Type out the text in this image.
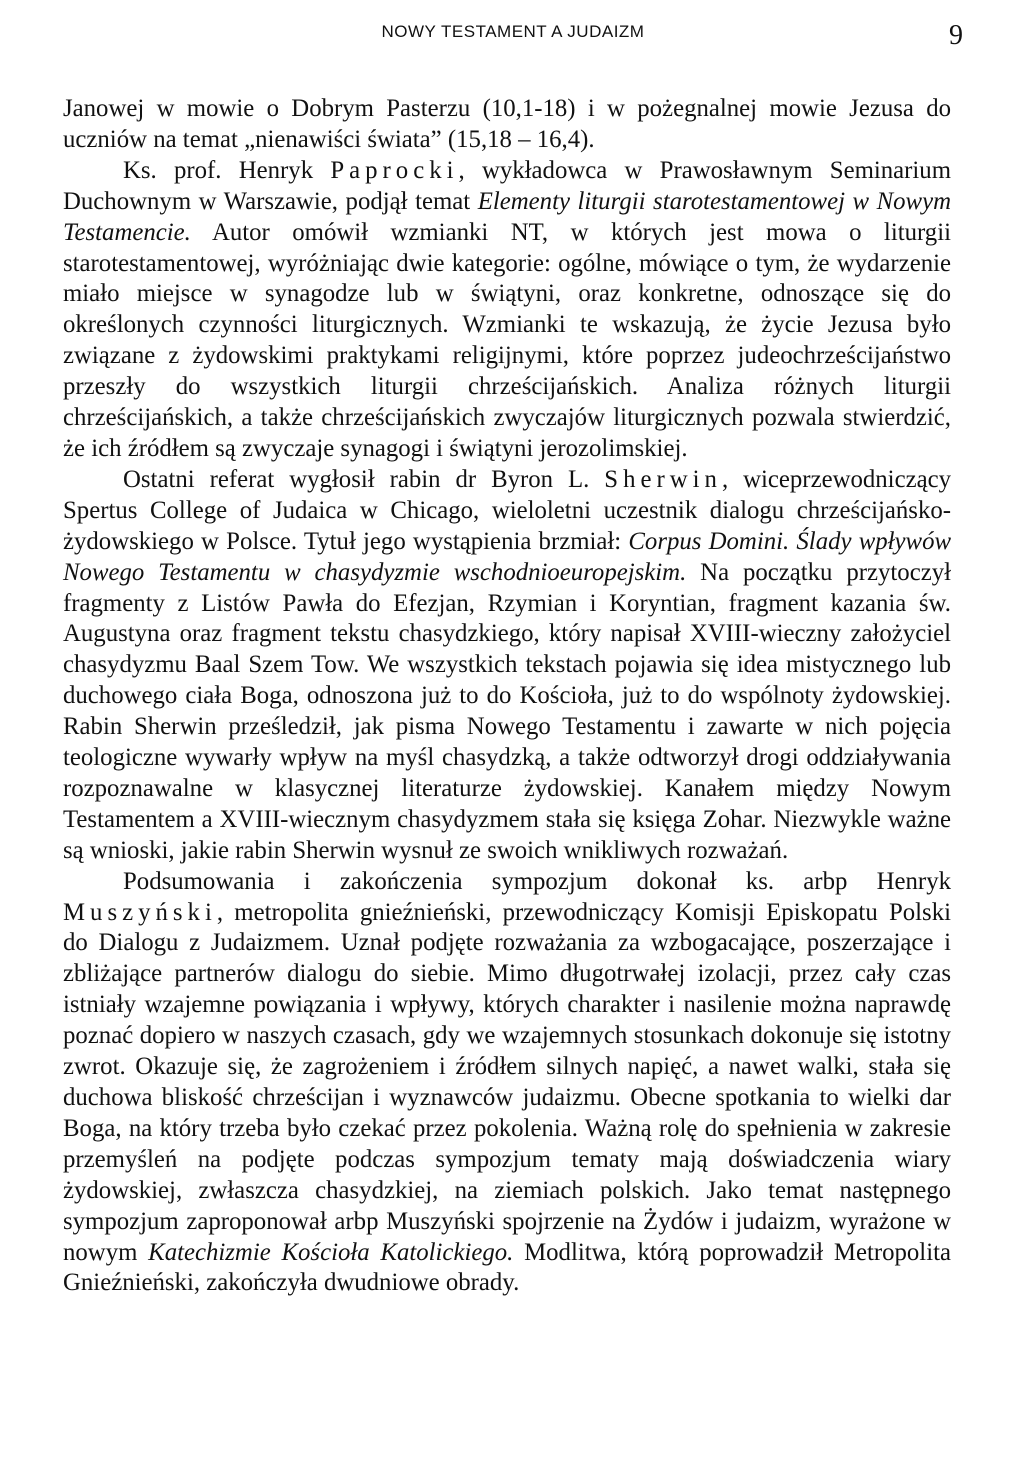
NOWY TESTAMENT A JUDAIZM	9

Janowej w mowie o Dobrym Pasterzu (10,1-18) i w pożegnalnej mowie Jezusa do uczniów na temat „nienawiści świata” (15,18 – 16,4).

Ks. prof. Henryk Paprocki, wykładowca w Prawosławnym Seminarium Duchownym w Warszawie, podjął temat Elementy liturgii starotestamentowej w Nowym Testamencie. Autor omówił wzmianki NT, w których jest mowa o liturgii starotestamentowej, wyróżniając dwie kategorie: ogólne, mówiące o tym, że wydarzenie miało miejsce w synagodze lub w świątyni, oraz konkretne, odnoszące się do określonych czynności liturgicznych. Wzmianki te wskazują, że życie Jezusa było związane z żydowskimi praktykami religijnymi, które poprzez judeochrześcijaństwo przeszły do wszystkich liturgii chrześcijańskich. Analiza różnych liturgii chrześcijańskich, a także chrześcijańskich zwyczajów liturgicznych pozwala stwierdzić, że ich źródłem są zwyczaje synagogi i świątyni jerozolimskiej.

Ostatni referat wygłosił rabin dr Byron L. Sherwin, wiceprzewodniczący Spertus College of Judaica w Chicago, wieloletni uczestnik dialogu chrześcijańsko-żydowskiego w Polsce. Tytuł jego wystąpienia brzmiał: Corpus Domini. Ślady wpływów Nowego Testamentu w chasydyzmie wschodnioeuropejskim. Na początku przytoczył fragmenty z Listów Pawła do Efezjan, Rzymian i Koryntian, fragment kazania św. Augustyna oraz fragment tekstu chasydzkiego, który napisał XVIII-wieczny założyciel chasydyzmu Baal Szem Tow. We wszystkich tekstach pojawia się idea mistycznego lub duchowego ciała Boga, odnoszona już to do Kościoła, już to do wspólnoty żydowskiej. Rabin Sherwin prześledził, jak pisma Nowego Testamentu i zawarte w nich pojęcia teologiczne wywarły wpływ na myśl chasydzką, a także odtworzył drogi oddziaływania rozpoznawalne w klasycznej literaturze żydowskiej. Kanałem między Nowym Testamentem a XVIII-wiecznym chasydyzmem stała się księga Zohar. Niezwykle ważne są wnioski, jakie rabin Sherwin wysnuł ze swoich wnikliwych rozważań.

Podsumowania i zakończenia sympozjum dokonał ks. arbp Henryk Muszyński, metropolita gnieźnieński, przewodniczący Komisji Episkopatu Polski do Dialogu z Judaizmem. Uznał podjęte rozważania za wzbogacające, poszerzające i zbliżające partnerów dialogu do siebie. Mimo długotrwałej izolacji, przez cały czas istniały wzajemne powiązania i wpływy, których charakter i nasilenie można naprawdę poznać dopiero w naszych czasach, gdy we wzajemnych stosunkach dokonuje się istotny zwrot. Okazuje się, że zagrożeniem i źródłem silnych napięć, a nawet walki, stała się duchowa bliskość chrześcijan i wyznawców judaizmu. Obecne spotkania to wielki dar Boga, na który trzeba było czekać przez pokolenia. Ważną rolę do spełnienia w zakresie przemyśleń na podjęte podczas sympozjum tematy mają doświadczenia wiary żydowskiej, zwłaszcza chasydzkiej, na ziemiach polskich. Jako temat następnego sympozjum zaproponował arbp Muszyński spojrzenie na Żydów i judaizm, wyrażone w nowym Katechizmie Kościoła Katolickiego. Modlitwa, którą poprowadził Metropolita Gnieźnieński, zakończyła dwudniowe obrady.
